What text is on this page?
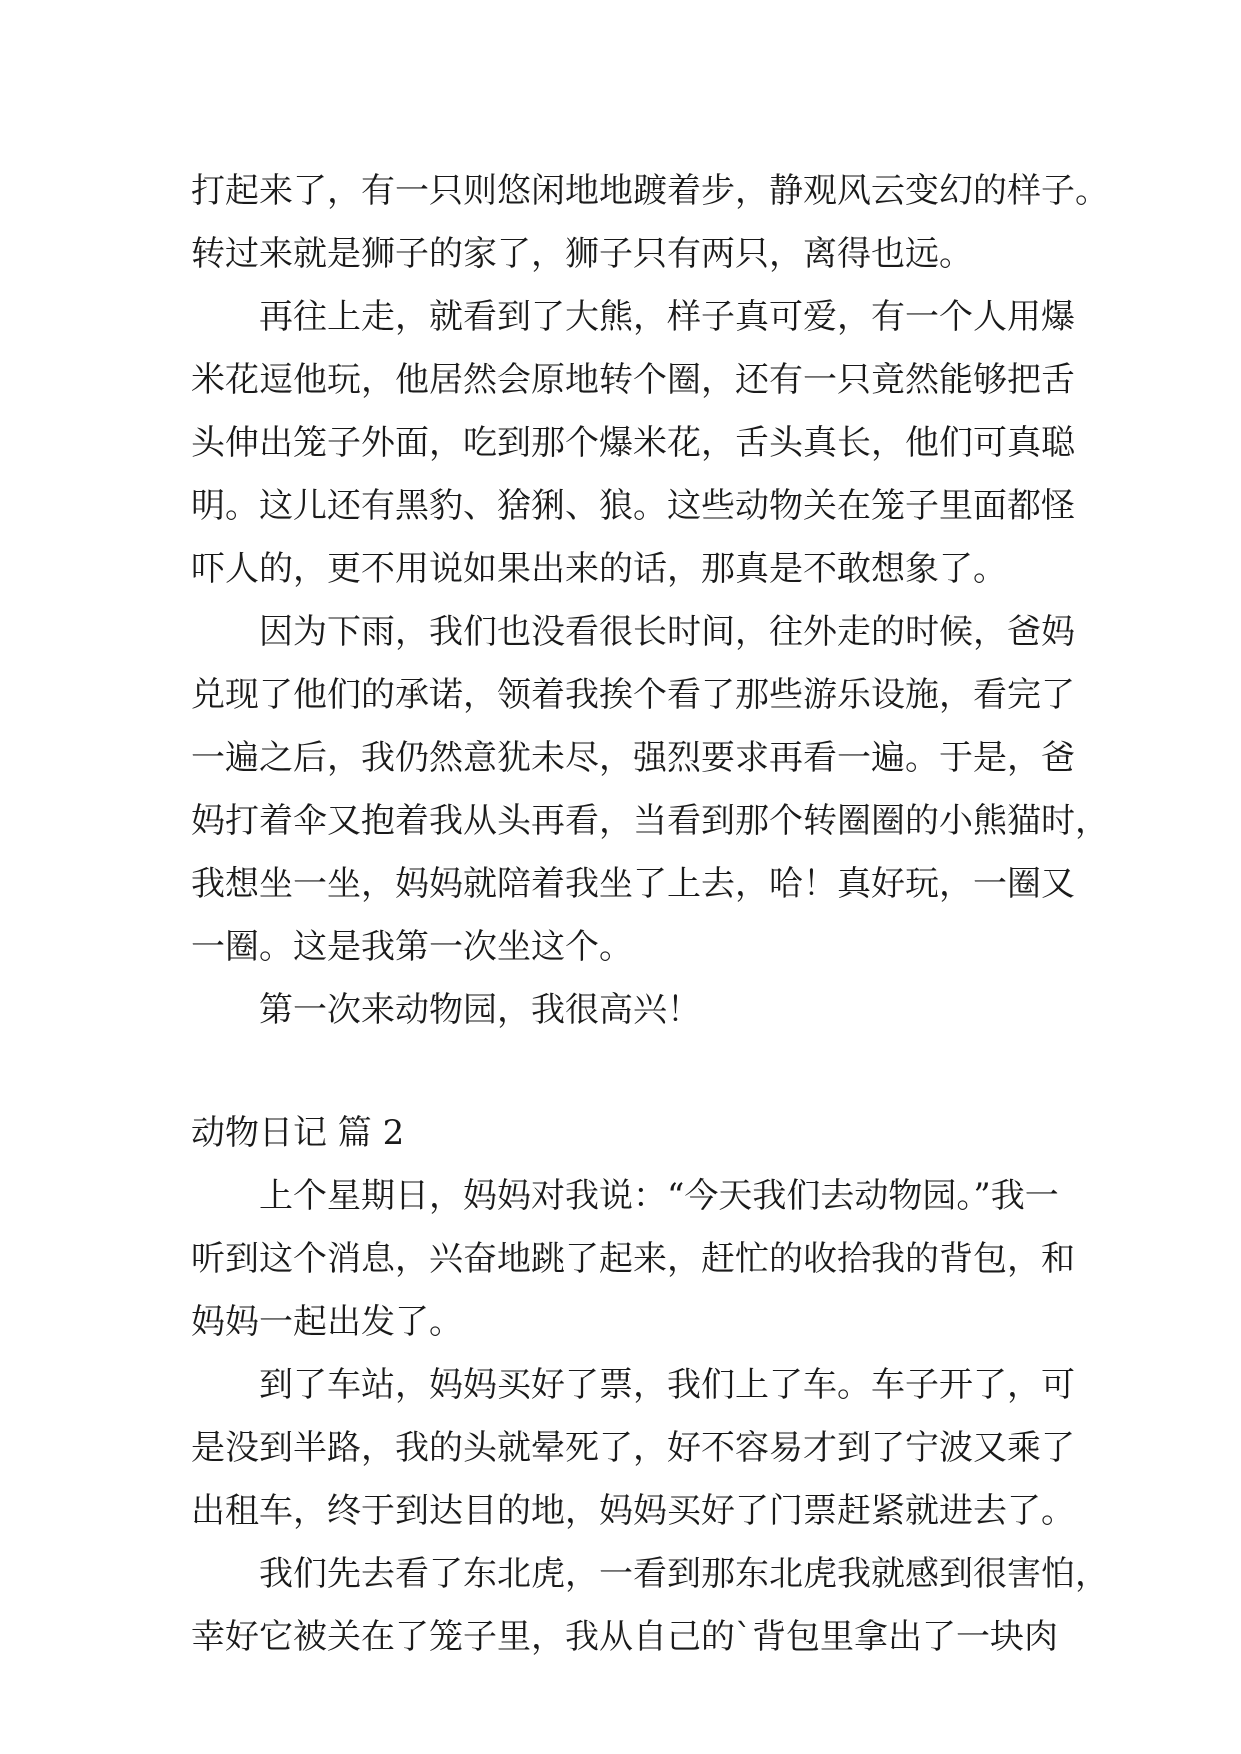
打起来了，有一只则悠闲地地踱着步，静观风云变幻的样子。
转过来就是狮子的家了，狮子只有两只，离得也远。
再往上走，就看到了大熊，样子真可爱，有一个人用爆
米花逗他玩，他居然会原地转个圈，还有一只竟然能够把舌
头伸出笼子外面，吃到那个爆米花，舌头真长，他们可真聪
明。这儿还有黑豹、猞猁、狼。这些动物关在笼子里面都怪
吓人的，更不用说如果出来的话，那真是不敢想象了。
因为下雨，我们也没看很长时间，往外走的时候，爸妈
兑现了他们的承诺，领着我挨个看了那些游乐设施，看完了
一遍之后，我仍然意犹未尽，强烈要求再看一遍。于是，爸
妈打着伞又抱着我从头再看，当看到那个转圈圈的小熊猫时，
我想坐一坐，妈妈就陪着我坐了上去，哈！真好玩，一圈又
一圈。这是我第一次坐这个。
第一次来动物园，我很高兴！
动物日记 篇 2
上个星期日，妈妈对我说：“今天我们去动物园。”我一
听到这个消息，兴奋地跳了起来，赶忙的收拾我的背包，和
妈妈一起出发了。
到了车站，妈妈买好了票，我们上了车。车子开了，可
是没到半路，我的头就晕死了，好不容易才到了宁波又乘了
出租车，终于到达目的地，妈妈买好了门票赶紧就进去了。
我们先去看了东北虎，一看到那东北虎我就感到很害怕，
幸好它被关在了笼子里，我从自己的`背包里拿出了一块肉
